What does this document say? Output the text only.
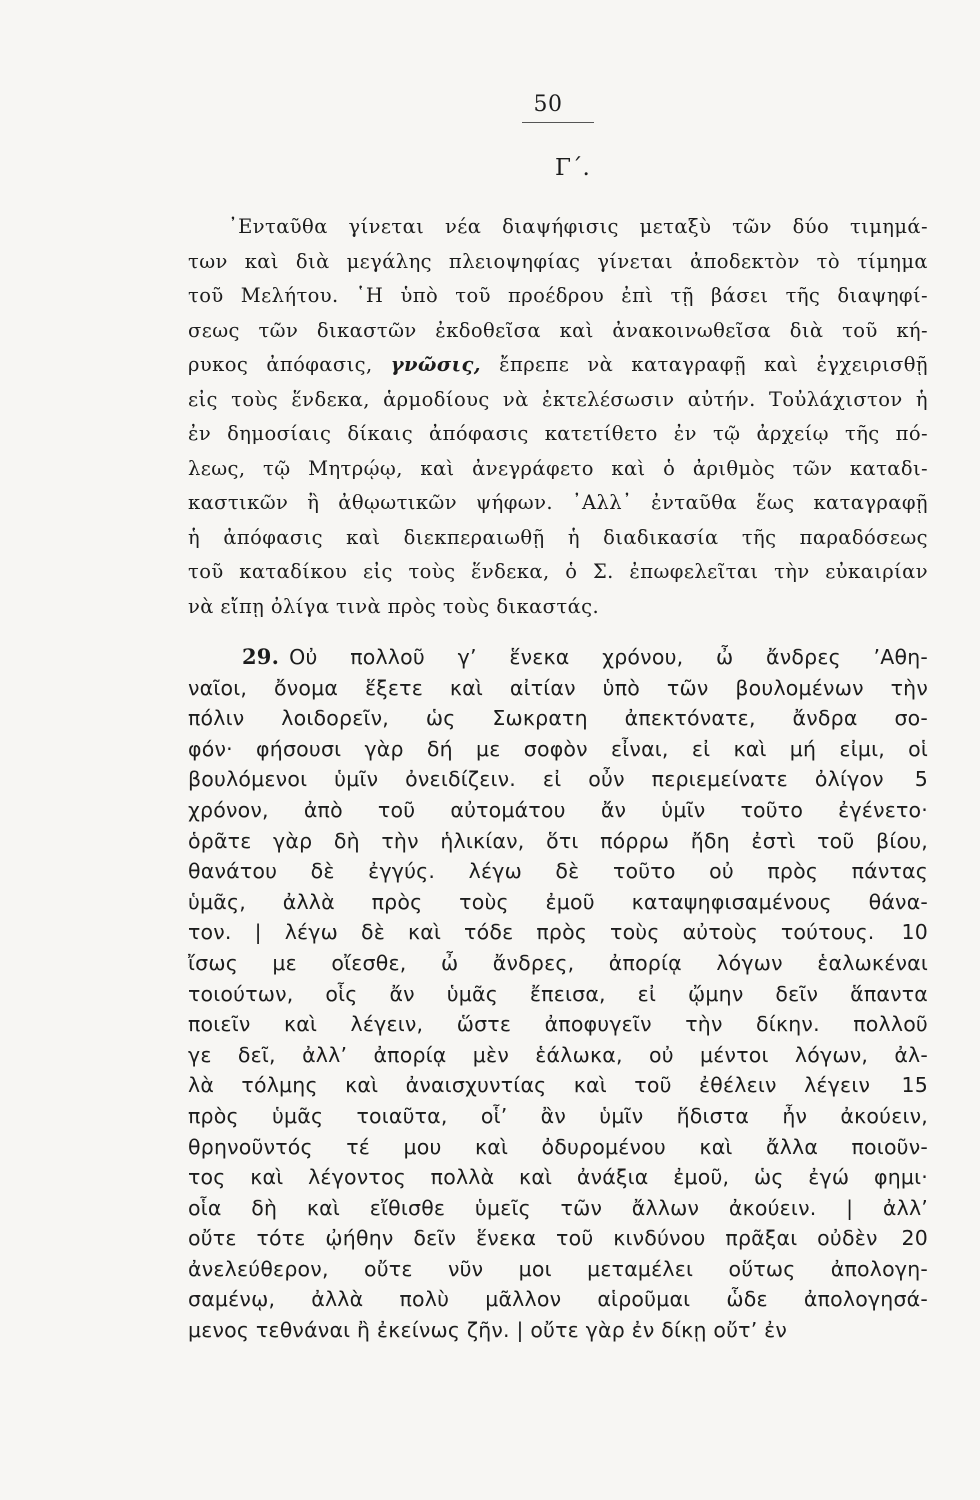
50
Γ΄.
᾿Ενταῦθα γίνεται νέα διαψήφισις μεταξὺ τῶν δύο τιμημά-
των καὶ διὰ μεγάλης πλειοψηφίας γίνεται ἀποδεκτὸν τὸ τίμημα
τοῦ Μελήτου. ῾Η ὑπὸ τοῦ προέδρου ἐπὶ τῇ βάσει τῆς διαψηφί-
σεως τῶν δικαστῶν ἐκδοθεῖσα καὶ ἀνακοινωθεῖσα διὰ τοῦ κή-
ρυκος ἀπόφασις, γνῶσις, ἔπρεπε νὰ καταγραφῇ καὶ ἐγχειρισθῇ
εἰς τοὺς ἕνδεκα, ἁρμοδίους νὰ ἐκτελέσωσιν αὐτήν. Τοὐλάχιστον ἡ
ἐν δημοσίαις δίκαις ἀπόφασις κατετίθετο ἐν τῷ ἀρχείῳ τῆς πό-
λεως, τῷ Μητρῴῳ, καὶ ἀνεγράφετο καὶ ὁ ἀριθμὸς τῶν καταδι-
καστικῶν ἢ ἀθῳωτικῶν ψήφων. ᾿Αλλ᾿ ἐνταῦθα ἕως καταγραφῇ
ἡ ἀπόφασις καὶ διεκπεραιωθῇ ἡ διαδικασία τῆς παραδόσεως
τοῦ καταδίκου εἰς τοὺς ἕνδεκα, ὁ Σ. ἐπωφελεῖται τὴν εὐκαιρίαν
νὰ εἴπῃ ὀλίγα τινὰ πρὸς τοὺς δικαστάς.
29. Οὐ πολλοῦ γ’ ἕνεκα χρόνου, ὦ ἄνδρες ’Αθη-
ναῖοι, ὄνομα ἕξετε καὶ αἰτίαν ὑπὸ τῶν βουλομένων τὴν
πόλιν λοιδορεῖν, ὡς Σωκρατη ἀπεκτόνατε, ἄνδρα σο-
φόν· φήσουσι γὰρ δή με σοφὸν εἶναι, εἰ καὶ μή εἰμι, οἱ
βουλόμενοι ὑμῖν ὀνειδίζειν. εἰ οὖν περιεμείνατε ὀλίγον 5
χρόνον, ἀπὸ τοῦ αὐτομάτου ἄν ὑμῖν τοῦτο ἐγένετο·
ὁρᾶτε γὰρ δὴ τὴν ἡλικίαν, ὅτι πόρρω ἤδη ἐστὶ τοῦ βίου,
θανάτου δὲ ἐγγύς. λέγω δὲ τοῦτο οὐ πρὸς πάντας
ὑμᾶς, ἀλλὰ πρὸς τοὺς ἐμοῦ καταψηφισαμένους θάνα-
τον. | λέγω δὲ καὶ τόδε πρὸς τοὺς αὐτοὺς τούτους. 10
ἴσως με οἴεσθε, ὦ ἄνδρες, ἀπορίᾳ λόγων ἑαλωκέναι
τοιούτων, οἷς ἄν ὑμᾶς ἔπεισα, εἰ ᾤμην δεῖν ἅπαντα
ποιεῖν καὶ λέγειν, ὥστε ἀποφυγεῖν τὴν δίκην. πολλοῦ
γε δεῖ, ἀλλ’ ἀπορίᾳ μὲν ἑάλωκα, οὐ μέντοι λόγων, ἀλ-
λὰ τόλμης καὶ ἀναισχυντίας καὶ τοῦ ἐθέλειν λέγειν 15
πρὸς ὑμᾶς τοιαῦτα, οἷ’ ἂν ὑμῖν ἥδιστα ἦν ἀκούειν,
θρηνοῦντός τέ μου καὶ ὀδυρομένου καὶ ἄλλα ποιοῦν-
τος καὶ λέγοντος πολλὰ καὶ ἀνάξια ἐμοῦ, ὡς ἐγώ φημι·
οἷα δὴ καὶ εἴθισθε ὑμεῖς τῶν ἄλλων ἀκούειν. | ἀλλ’
οὔτε τότε ᾠήθην δεῖν ἕνεκα τοῦ κινδύνου πρᾶξαι οὐδὲν 20
ἀνελεύθερον, οὔτε νῦν μοι μεταμέλει οὕτως ἀπολογη-
σαμένῳ, ἀλλὰ πολὺ μᾶλλον αἱροῦμαι ὧδε ἀπολογησά-
μενος τεθνάναι ἢ ἐκείνως ζῆν. | οὔτε γὰρ ἐν δίκῃ οὔτ’ ἐν
